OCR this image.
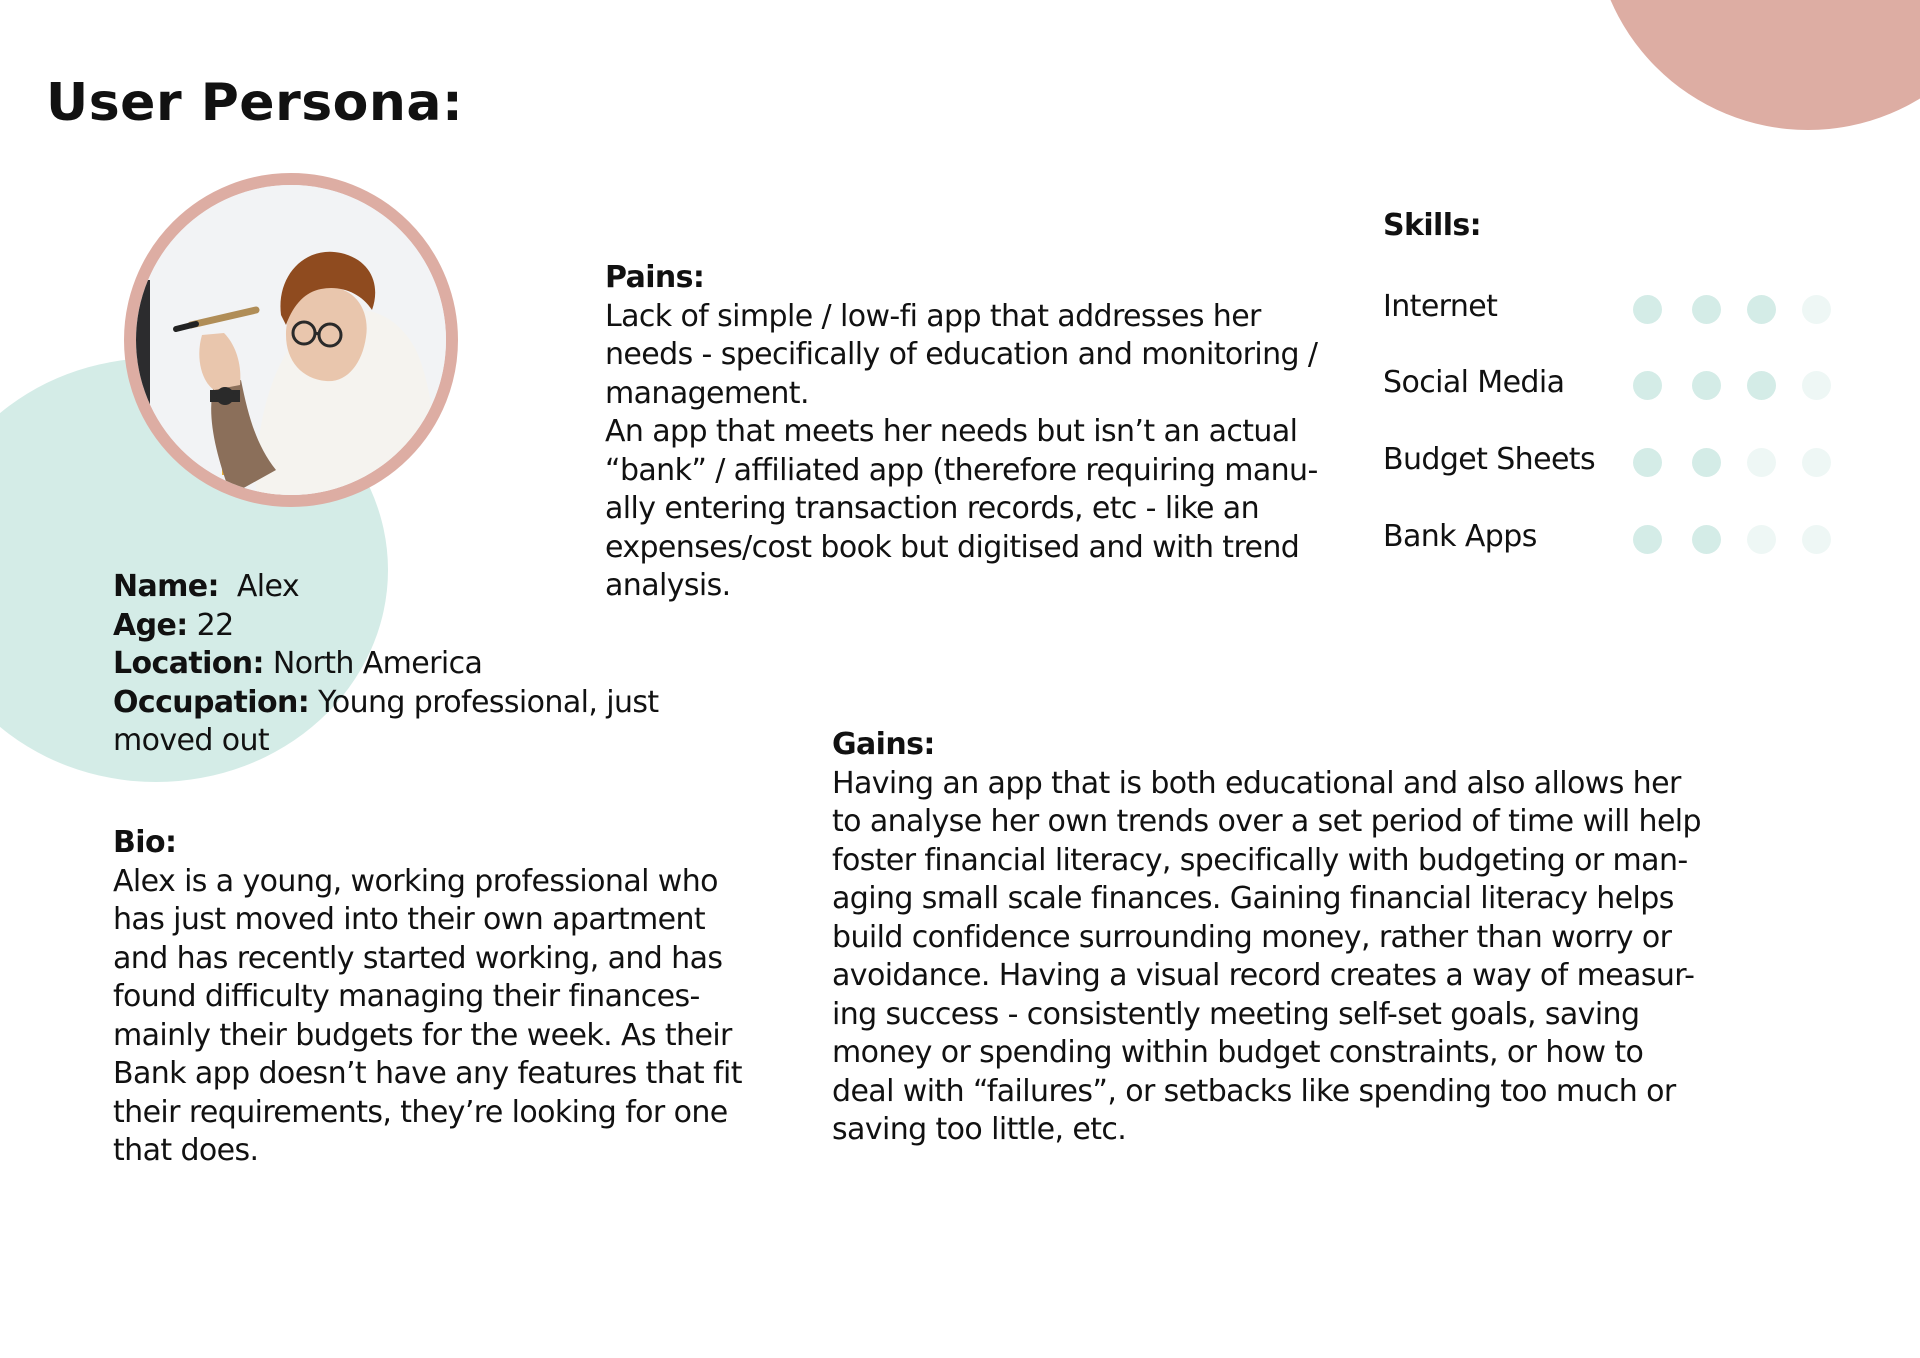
User Persona:
Name: Alex
Age: 22
Location: North America
Occupation: Young professional, just moved out
Pains:
Lack of simple / low-fi app that addresses her needs - specifically of education and monitoring / management.
An app that meets her needs but isn’t an actual “bank” / affiliated app (therefore requiring manu-ally entering transaction records, etc - like an expenses/cost book but digitised and with trend analysis.
Gains:
Having an app that is both educational and also allows her to analyse her own trends over a set period of time will help foster financial literacy, specifically with budgeting or man-aging small scale finances. Gaining financial literacy helps build confidence surrounding money, rather than worry or avoidance. Having a visual record creates a way of measur-ing success - consistently meeting self-set goals, saving money or spending within budget constraints, or how to deal with “failures”, or setbacks like spending too much or saving too little, etc.
Bio:
Alex is a young, working professional who has just moved into their own apartment and has recently started working, and has found difficulty managing their finances- mainly their budgets for the week. As their Bank app doesn’t have any features that fit their requirements, they’re looking for one that does.
Skills:
Internet
Social Media
Budget Sheets
Bank Apps
